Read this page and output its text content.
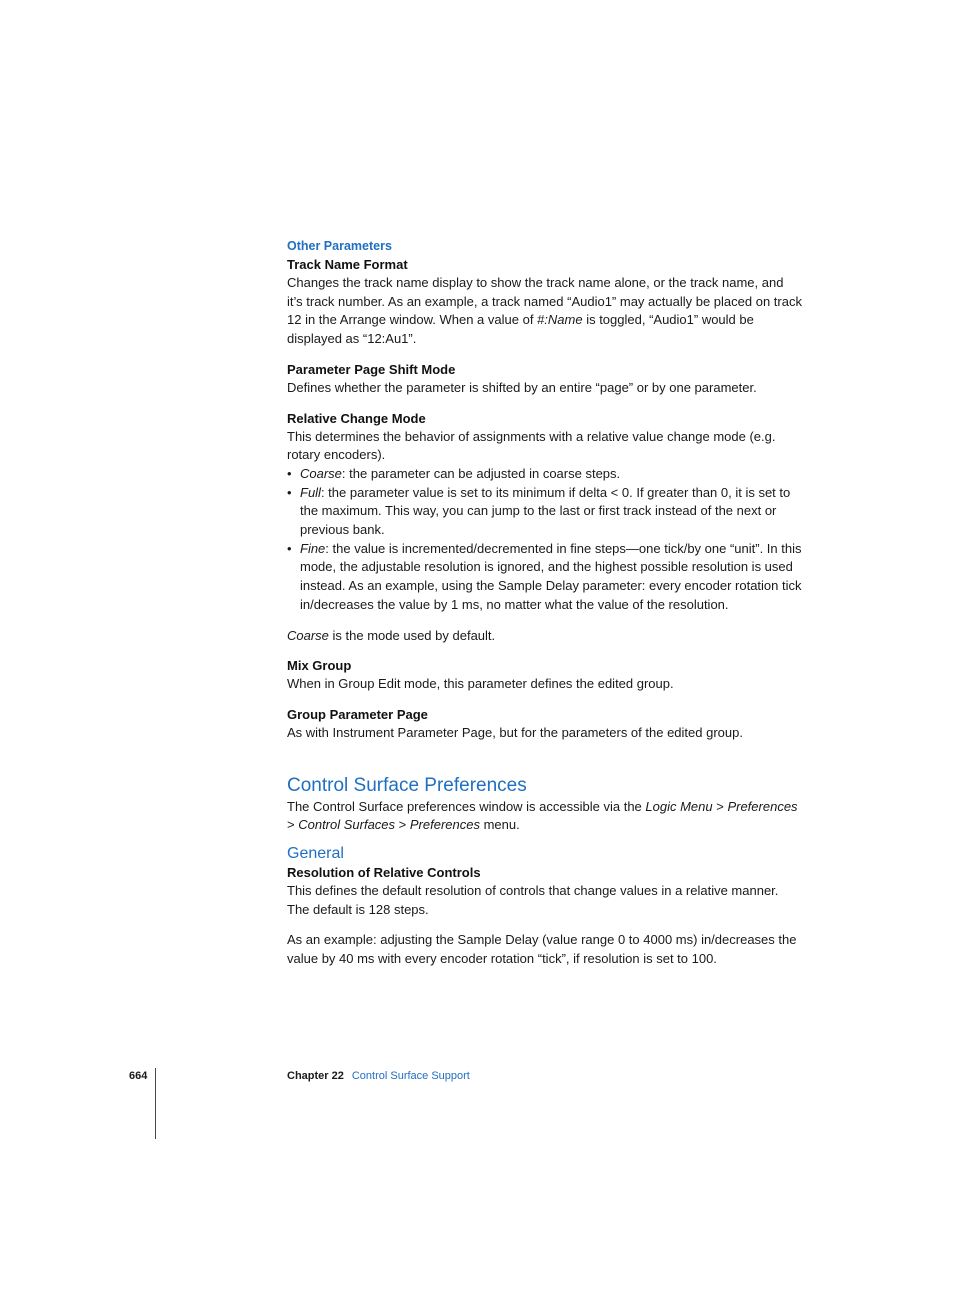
Other Parameters
Track Name Format

Changes the track name display to show the track name alone, or the track name, and it’s track number. As an example, a track named “Audio1” may actually be placed on track 12 in the Arrange window. When a value of #:Name is toggled, “Audio1” would be displayed as “12:Au1”.

Parameter Page Shift Mode

Defines whether the parameter is shifted by an entire “page” or by one parameter.

Relative Change Mode

This determines the behavior of assignments with a relative value change mode (e.g. rotary encoders).

• Coarse: the parameter can be adjusted in coarse steps.
• Full: the parameter value is set to its minimum if delta < 0. If greater than 0, it is set to the maximum. This way, you can jump to the last or first track instead of the next or previous bank.
• Fine: the value is incremented/decremented in fine steps—one tick/by one “unit”. In this mode, the adjustable resolution is ignored, and the highest possible resolution is used instead. As an example, using the Sample Delay parameter: every encoder rotation tick in/decreases the value by 1 ms, no matter what the value of the resolution.

Coarse is the mode used by default.

Mix Group

When in Group Edit mode, this parameter defines the edited group.

Group Parameter Page

As with Instrument Parameter Page, but for the parameters of the edited group.

Control Surface Preferences

The Control Surface preferences window is accessible via the Logic Menu > Preferences > Control Surfaces > Preferences menu.

General
Resolution of Relative Controls

This defines the default resolution of controls that change values in a relative manner. The default is 128 steps.

As an example: adjusting the Sample Delay (value range 0 to 4000 ms) in/decreases the value by 40 ms with every encoder rotation “tick”, if resolution is set to 100.

664	Chapter 22 Control Surface Support
